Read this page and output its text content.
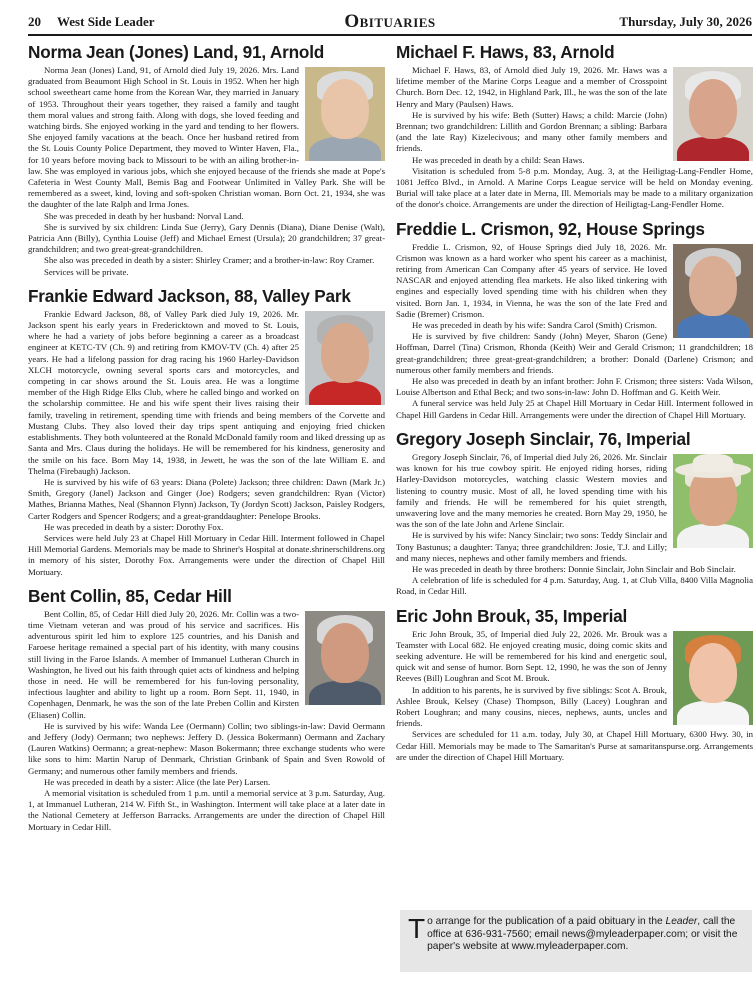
20 West Side Leader	Obituaries	Thursday, July 30, 2026
Norma Jean (Jones) Land, 91, Arnold

Norma Jean (Jones) Land, 91, of Arnold died July 19, 2026. Mrs. Land graduated from Beaumont High School in St. Louis in 1952. When her high school sweetheart came home from the Korean War, they married in January of 1953. Throughout their years together, they raised a family and taught them moral values and strong faith. Along with dogs, she loved feeding and watching birds. She enjoyed working in the yard and tending to her flowers. She enjoyed family vacations at the beach. Once her husband retired from the St. Louis County Police Department, they moved to Winter Haven, Fla., for 10 years before moving back to Missouri to be with an ailing brother-in-law. She was employed in various jobs, which she enjoyed because of the friends she made at Pope's Cafeteria in West County Mall, Bemis Bag and Footwear Unlimited in Valley Park. She will be remembered as a sweet, kind, loving and soft-spoken Christian woman. Born Oct. 21, 1934, she was the daughter of the late Ralph and Irma Jones.

She was preceded in death by her husband: Norval Land.

She is survived by six children: Linda Sue (Jerry), Gary Dennis (Diana), Diane Denise (Walt), Patricia Ann (Billy), Cynthia Louise (Jeff) and Michael Ernest (Ursula); 20 grandchildren; 37 great-grandchildren; and two great-great-grandchildren.

She also was preceded in death by a sister: Shirley Cramer; and a brother-in-law: Roy Cramer.

Services will be private.

Frankie Edward Jackson, 88, Valley Park

Frankie Edward Jackson, 88, of Valley Park died July 19, 2026. Mr. Jackson spent his early years in Fredericktown and moved to St. Louis, where he had a variety of jobs before beginning a career as a broadcast engineer at KETC-TV (Ch. 9) and retiring from KMOV-TV (Ch. 4) after 25 years. He had a lifelong passion for drag racing his 1960 Harley-Davidson XLCH motorcycle, owning several sports cars and motorcycles, and competing in car shows around the St. Louis area. He was a longtime member of the High Ridge Elks Club, where he called bingo and worked on the scholarship committee. He and his wife spent their lives raising their family, traveling in retirement, spending time with friends and being members of the Corvette and Mustang Clubs. They also loved their day trips spent antiquing and enjoying fried chicken establishments. They both volunteered at the Ronald McDonald family room and liked dressing up as Santa and Mrs. Claus during the holidays. He will be remembered for his kindness, generosity and the smile on his face. Born May 14, 1938, in Jewett, he was the son of the late William E. and Thelma (Firebaugh) Jackson.

He is survived by his wife of 63 years: Diana (Polete) Jackson; three children: Dawn (Mark Jr.) Smith, Gregory (Janel) Jackson and Ginger (Joe) Rodgers; seven grandchildren: Ryan (Victor) Mathes, Brianna Mathes, Neal (Shannon Flynn) Jackson, Ty (Jordyn Scott) Jackson, Paisley Rodgers, Carter Rodgers and Spencer Rodgers; and a great-granddaughter: Penelope Brooks.

He was preceded in death by a sister: Dorothy Fox.

Services were held July 23 at Chapel Hill Mortuary in Cedar Hill. Interment followed in Chapel Hill Memorial Gardens. Memorials may be made to Shriner's Hospital at donate.shrinerschildrens.org in memory of his sister, Dorothy Fox. Arrangements were under the direction of Chapel Hill Mortuary.

Bent Collin, 85, Cedar Hill

Bent Collin, 85, of Cedar Hill died July 20, 2026. Mr. Collin was a two-time Vietnam veteran and was proud of his service and sacrifices. His adventurous spirit led him to explore 125 countries, and his Danish and Faroese heritage remained a special part of his identity, with many cousins still living in the Faroe Islands. A member of Immanuel Lutheran Church in Washington, he lived out his faith through quiet acts of kindness and helping those in need. He will be remembered for his fun-loving personality, infectious laughter and ability to light up a room. Born Sept. 11, 1940, in Copenhagen, Denmark, he was the son of the late Preben Collin and Kirsten (Eliasen) Collin.

He is survived by his wife: Wanda Lee (Oermann) Collin; two siblings-in-law: David Oermann and Jeffery (Jody) Oermann; two nephews: Jeffery D. (Jessica Bokermann) Oermann and Zachary (Lauren Watkins) Oermann; a great-nephew: Mason Bokermann; three exchange students who were like sons to him: Martin Narup of Denmark, Christian Grinbank of Spain and Sven Rowold of Germany; and numerous other family members and friends.

He was preceded in death by a sister: Alice (the late Per) Larsen.

A memorial visitation is scheduled from 1 p.m. until a memorial service at 3 p.m. Saturday, Aug. 1, at Immanuel Lutheran, 214 W. Fifth St., in Washington. Interment will take place at a later date in the National Cemetery at Jefferson Barracks. Arrangements are under the direction of Chapel Hill Mortuary in Cedar Hill.

Michael F. Haws, 83, Arnold

Michael F. Haws, 83, of Arnold died July 19, 2026. Mr. Haws was a lifetime member of the Marine Corps League and a member of Crosspoint Church. Born Dec. 12, 1942, in Highland Park, Ill., he was the son of the late Henry and Mary (Paulsen) Haws.

He is survived by his wife: Beth (Sutter) Haws; a child: Marcie (John) Brennan; two grandchildren: Lillith and Gordon Brennan; a sibling: Barbara (and the late Ray) Kizelecivous; and many other family members and friends.

He was preceded in death by a child: Sean Haws.

Visitation is scheduled from 5-8 p.m. Monday, Aug. 3, at the Heiligtag-Lang-Fendler Home, 1081 Jeffco Blvd., in Arnold. A Marine Corps League service will be held on Monday evening. Burial will take place at a later date in Merna, Ill. Memorials may be made to a military organization of the donor's choice. Arrangements are under the direction of Heiligtag-Lang-Fendler Home.

Freddie L. Crismon, 92, House Springs

Freddie L. Crismon, 92, of House Springs died July 18, 2026. Mr. Crismon was known as a hard worker who spent his career as a machinist, retiring from American Can Company after 45 years of service. He loved NASCAR and enjoyed attending flea markets. He also liked tinkering with engines and especially loved spending time with his children when they visited. Born Jan. 1, 1934, in Vienna, he was the son of the late Fred and Sadie (Bremer) Crismon.

He was preceded in death by his wife: Sandra Carol (Smith) Crismon.

He is survived by five children: Sandy (John) Meyer, Sharon (Gene) Hoffman, Darrel (Tina) Crismon, Rhonda (Keith) Weir and Gerald Crismon; 11 grandchildren; 18 great-grandchildren; three great-great-grandchildren; a brother: Donald (Darlene) Crismon; and numerous other family members and friends.

He also was preceded in death by an infant brother: John F. Crismon; three sisters: Vada Wilson, Louise Albertson and Ethal Beck; and two sons-in-law: John D. Hoffman and G. Keith Weir.

A funeral service was held July 25 at Chapel Hill Mortuary in Cedar Hill. Interment followed in Chapel Hill Gardens in Cedar Hill. Arrangements were under the direction of Chapel Hill Mortuary.

Gregory Joseph Sinclair, 76, Imperial

Gregory Joseph Sinclair, 76, of Imperial died July 26, 2026. Mr. Sinclair was known for his true cowboy spirit. He enjoyed riding horses, riding Harley-Davidson motorcycles, watching classic Western movies and listening to country music. Most of all, he loved spending time with his family and friends. He will be remembered for his quiet strength, unwavering love and the many memories he created. Born May 29, 1950, he was the son of the late John and Arlene Sinclair.

He is survived by his wife: Nancy Sinclair; two sons: Teddy Sinclair and Tony Bastunus; a daughter: Tanya; three grandchildren: Josie, T.J. and Lilly; and many nieces, nephews and other family members and friends.

He was preceded in death by three brothers: Donnie Sinclair, John Sinclair and Bob Sinclair.

A celebration of life is scheduled for 4 p.m. Saturday, Aug. 1, at Club Villa, 8400 Villa Magnolia Road, in Cedar Hill.

Eric John Brouk, 35, Imperial

Eric John Brouk, 35, of Imperial died July 22, 2026. Mr. Brouk was a Teamster with Local 682. He enjoyed creating music, doing comic skits and seeking adventure. He will be remembered for his kind and energetic soul, quick wit and sense of humor. Born Sept. 12, 1990, he was the son of Jenny Reeves (Bill) Loughran and Scot M. Brouk.

In addition to his parents, he is survived by five siblings: Scot A. Brouk, Ashlee Brouk, Kelsey (Chase) Thompson, Billy (Lacey) Loughran and Robert Loughran; and many cousins, nieces, nephews, aunts, uncles and friends.

Services are scheduled for 11 a.m. today, July 30, at Chapel Hill Mortuary, 6300 Hwy. 30, in Cedar Hill. Memorials may be made to The Samaritan's Purse at samaritanspurse.org. Arrangements are under the direction of Chapel Hill Mortuary.

To arrange for the publication of a paid obituary in the Leader, call the office at 636-931-7560; email news@myleaderpaper.com; or visit the paper's website at www.myleaderpaper.com.
